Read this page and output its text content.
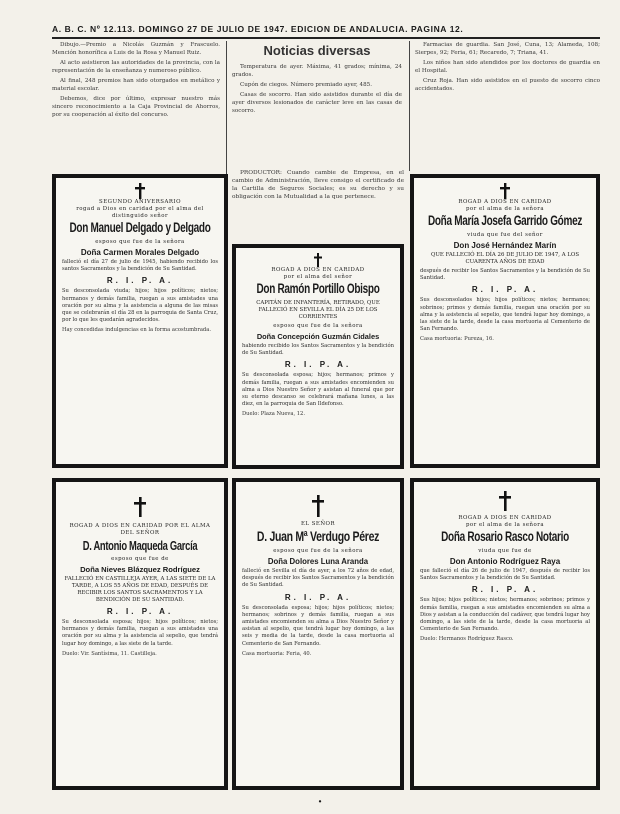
A. B. C. Nº 12.113. DOMINGO 27 DE JULIO DE 1947. EDICION DE ANDALUCIA. PAGINA 12.

Dibujo.—Premio a Nicolás Guzmán y Frascuelo. Mención honorífica a Luis de la Rosa y Manuel Ruiz.

Al acto asistieron las autoridades de la provincia, con la representación de la enseñanza y numeroso público.

Al final, 248 premios han sido otorgados en metálico y material escolar.

Debemos, dice por último, expresar nuestro más sincero reconocimiento a la Caja Provincial de Ahorros, por su cooperación al éxito del concurso.

Noticias diversas

Temperatura de ayer. Máxima, 41 grados; mínima, 24 grados.

Cupón de ciegos. Número premiado ayer, 485.

Casas de socorro. Han sido asistidos durante el día de ayer diversos lesionados de carácter leve en las casas de socorro.

Farmacias de guardia. San José, Cuna, 13; Alameda, 108; Sierpes, 92; Feria, 61; Recaredo, 7; Triana, 41.

Los niños han sido atendidos por los doctores de guardia en el Hospital.

Cruz Roja. Han sido asistidos en el puesto de socorro cinco accidentados.

PRODUCTOR: Cuando cambie de Empresa, en el cambio de Administración, lleve consigo el certificado de la Cartilla de Seguros Sociales; es su derecho y su obligación con la Mutualidad a la que pertenece.

SEGUNDO ANIVERSARIO
rogad a Dios en caridad por el alma del distinguido señor
Don Manuel Delgado y Delgado
esposo que fue de la señora
Doña Carmen Morales Delgado
falleció el día 27 de julio de 1945, habiendo recibido los santos Sacramentos y la bendición de Su Santidad.
R. I. P. A.
Su desconsolada viuda; hijos; hijos políticos; nietos; hermanos y demás familia, ruegan a sus amistades una oración por su alma y la asistencia a alguna de las misas que se celebrarán el día 28 en la parroquia de Santa Cruz, por lo que les quedarán agradecidos.
Hay concedidas indulgencias en la forma acostumbrada.
ROGAD A DIOS EN CARIDAD
por el alma del señor
Don Ramón Portillo Obispo
CAPITÁN DE INFANTERÍA, RETIRADO, QUE FALLECIÓ EN SEVILLA EL DÍA 25 DE LOS CORRIENTES
esposo que fue de la señora
Doña Concepción Guzmán Cidales
habiendo recibido los Santos Sacramentos y la bendición de Su Santidad.
R. I. P. A.
Su desconsolada esposa; hijos; hermanos; primos y demás familia, ruegan a sus amistades encomienden su alma a Dios Nuestro Señor y asistan al funeral que por su eterno descanso se celebrará mañana lunes, a las diez, en la parroquia de San Ildefonso.
Duelo: Plaza Nueva, 12.
ROGAD A DIOS EN CARIDAD
por el alma de la señora
Doña María Josefa Garrido Gómez
viuda que fue del señor
Don José Hernández Marín
QUE FALLECIÓ EL DÍA 26 DE JULIO DE 1947, A LOS CUARENTA AÑOS DE EDAD
después de recibir los Santos Sacramentos y la bendición de Su Santidad.
R. I. P. A.
Sus desconsolados hijos; hijos políticos; nietos; hermanos; sobrinos; primos y demás familia, ruegan una oración por su alma y la asistencia al sepelio, que tendrá lugar hoy domingo, a las siete de la tarde, desde la casa mortuoria al Cementerio de San Fernando.
Casa mortuoria: Pureza, 16.
ROGAD A DIOS EN CARIDAD POR EL ALMA DEL SEÑOR
D. Antonio Maqueda García
esposo que fue de
Doña Nieves Blázquez Rodríguez
FALLECIÓ EN CASTILLEJA AYER, A LAS SIETE DE LA TARDE, A LOS 55 AÑOS DE EDAD, DESPUÉS DE RECIBIR LOS SANTOS SACRAMENTOS Y LA BENDICIÓN DE SU SANTIDAD.
R. I. P. A.
Su desconsolada esposa; hijos; hijos políticos; nietos; hermanos y demás familia, ruegan a sus amistades una oración por su alma y la asistencia al sepelio, que tendrá lugar hoy domingo, a las siete de la tarde.
Duelo: Vir. Santísima, 11. Castilleja.
EL SEÑOR
D. Juan Mª Verdugo Pérez
esposo que fue de la señora
Doña Dolores Luna Aranda
falleció en Sevilla el día de ayer, a los 72 años de edad, después de recibir los Santos Sacramentos y la bendición de Su Santidad.
R. I. P. A.
Su desconsolada esposa; hijos; hijos políticos; nietos; hermanos; sobrinos y demás familia, ruegan a sus amistades encomienden su alma a Dios Nuestro Señor y asistan al sepelio, que tendrá lugar hoy domingo, a las seis y media de la tarde, desde la casa mortuoria al Cementerio de San Fernando.
Casa mortuoria: Feria, 40.
ROGAD A DIOS EN CARIDAD
por el alma de la señora
Doña Rosario Rasco Notario
viuda que fue de
Don Antonio Rodríguez Raya
que falleció el día 26 de julio de 1947, después de recibir los Santos Sacramentos y la bendición de Su Santidad.
R. I. P. A.
Sus hijos; hijos políticos; nietos; hermanos; sobrinos; primos y demás familia, ruegan a sus amistades encomienden su alma a Dios y asistan a la conducción del cadáver, que tendrá lugar hoy domingo, a las siete de la tarde, desde la casa mortuoria al Cementerio de San Fernando.
Duelo: Hermanos Rodríguez Rasco.
•
